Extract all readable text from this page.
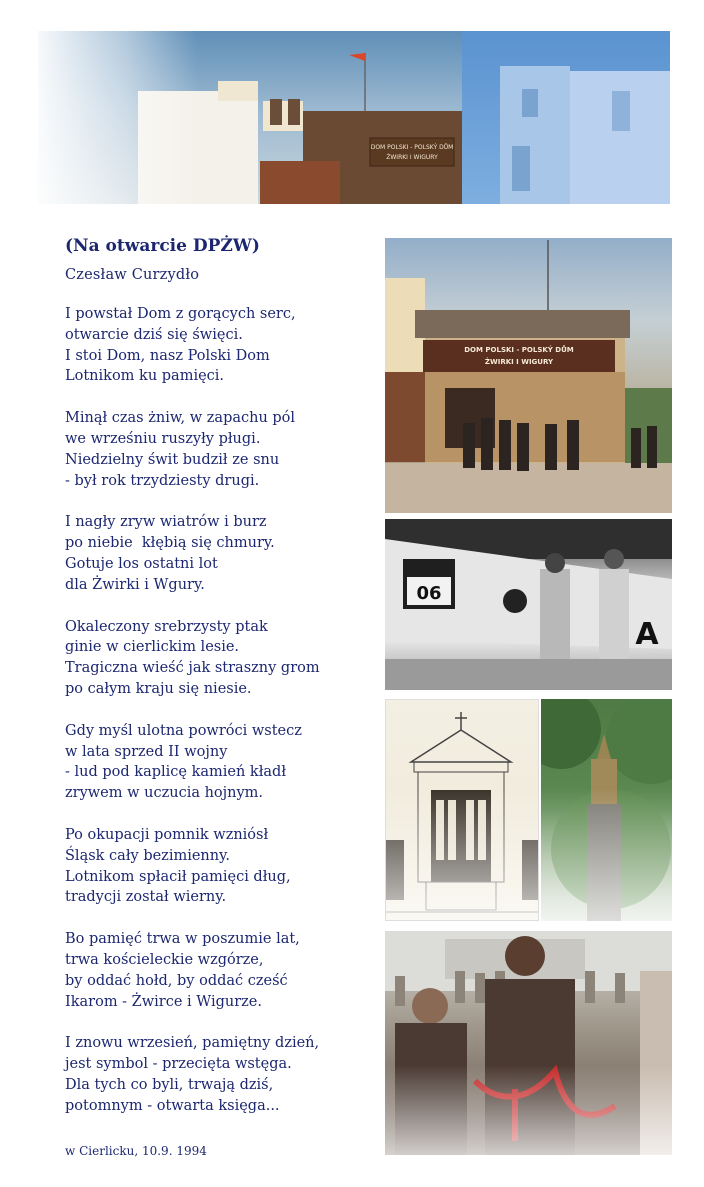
DOM POLSKI - POLSKÝ DŮM
ŻWIRKI I WIGURY
(Na otwarcie DPŻW)
Czesław Curzydło
I powstał Dom z gorących serc,
otwarcie dziś się święci.
I stoi Dom, nasz Polski Dom
Lotnikom ku pamięci.
Minął czas żniw, w zapachu pól
we wrześniu ruszyły pługi.
Niedzielny świt budził ze snu
- był rok trzydziesty drugi.
I nagły zryw wiatrów i burz
po niebie  kłębią się chmury.
Gotuje los ostatni lot
dla Żwirki i Wgury.
Okaleczony srebrzysty ptak
ginie w cierlickim lesie.
Tragiczna wieść jak straszny grom
po całym kraju się niesie.
Gdy myśl ulotna powróci wstecz
w lata sprzed II wojny
- lud pod kaplicę kamień kładł
zrywem w uczucia hojnym.
Po okupacji pomnik wzniósł
Śląsk cały bezimienny.
Lotnikom spłacił pamięci dług,
tradycji został wierny.
Bo pamięć trwa w poszumie lat,
trwa kościeleckie wzgórze,
by oddać hołd, by oddać cześć
Ikarom - Żwirce i Wigurze.
I znowu wrzesień, pamiętny dzień,
jest symbol - przecięta wstęga.
Dla tych co byli, trwają dziś,
potomnym - otwarta księga...
w Cierlicku, 10.9. 1994
DOM POLSKI - POLSKÝ DŮM
ŻWIRKI I WIGURY
06
A
